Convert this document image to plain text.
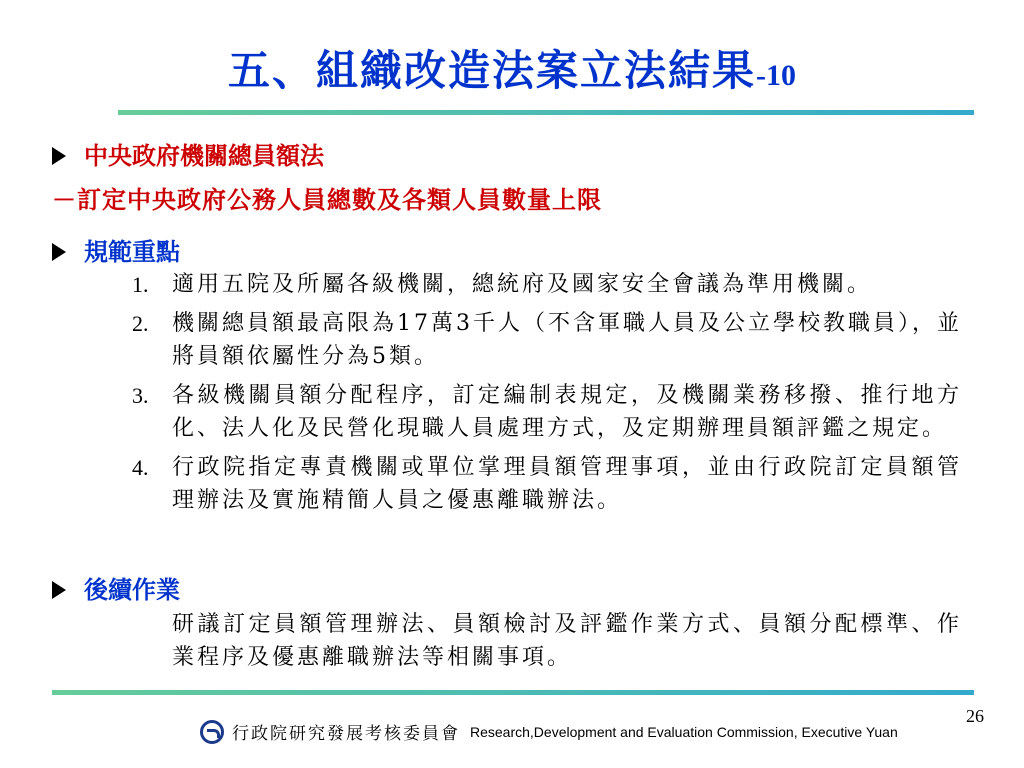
五、組織改造法案立法結果-10
中央政府機關總員額法
－訂定中央政府公務人員總數及各類人員數量上限
規範重點
1.	適用五院及所屬各級機關，總統府及國家安全會議為準用機關。
2.	機關總員額最高限為17萬3千人（不含軍職人員及公立學校教職員），並將員額依屬性分為5類。
3.	各級機關員額分配程序，訂定編制表規定，及機關業務移撥、推行地方化、法人化及民營化現職人員處理方式，及定期辦理員額評鑑之規定。
4.	行政院指定專責機關或單位掌理員額管理事項，並由行政院訂定員額管理辦法及實施精簡人員之優惠離職辦法。
後續作業
研議訂定員額管理辦法、員額檢討及評鑑作業方式、員額分配標準、作業程序及優惠離職辦法等相關事項。
26
行政院研究發展考核委員會 Research,Development and Evaluation Commission, Executive Yuan
